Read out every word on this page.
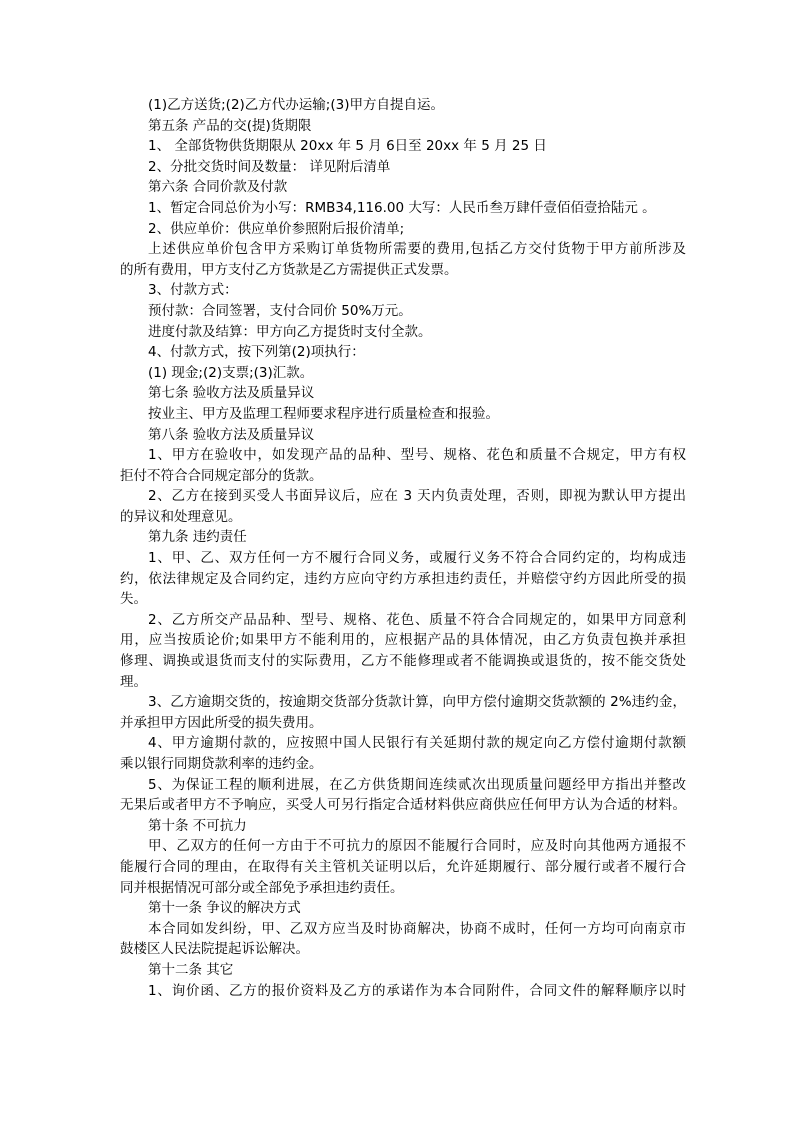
(1)乙方送货;(2)乙方代办运输;(3)甲方自提自运。
第五条 产品的交(提)货期限
1、 全部货物供货期限从 20xx 年 5 月 6日至 20xx 年 5 月 25 日
2、分批交货时间及数量： 详见附后清单
第六条 合同价款及付款
1、暂定合同总价为小写：RMB34,116.00 大写：人民币叁万肆仟壹佰佰壹拾陆元 。
2、供应单价：供应单价参照附后报价清单;
上述供应单价包含甲方采购订单货物所需要的费用,包括乙方交付货物于甲方前所涉及
的所有费用，甲方支付乙方货款是乙方需提供正式发票。
3、付款方式：
预付款：合同签署，支付合同价 50%万元。
进度付款及结算：甲方向乙方提货时支付全款。
4、付款方式，按下列第(2)项执行：
(1) 现金;(2)支票;(3)汇款。
第七条 验收方法及质量异议
按业主、甲方及监理工程师要求程序进行质量检查和报验。
第八条 验收方法及质量异议
1、甲方在验收中，如发现产品的品种、型号、规格、花色和质量不合规定，甲方有权
拒付不符合合同规定部分的货款。
2、乙方在接到买受人书面异议后，应在 3 天内负责处理，否则，即视为默认甲方提出
的异议和处理意见。
第九条 违约责任
1、甲、乙、双方任何一方不履行合同义务，或履行义务不符合合同约定的，均构成违
约，依法律规定及合同约定，违约方应向守约方承担违约责任，并赔偿守约方因此所受的损
失。
2、乙方所交产品品种、型号、规格、花色、质量不符合合同规定的，如果甲方同意利
用，应当按质论价;如果甲方不能利用的，应根据产品的具体情况，由乙方负责包换并承担
修理、调换或退货而支付的实际费用，乙方不能修理或者不能调换或退货的，按不能交货处
理。
3、乙方逾期交货的，按逾期交货部分货款计算，向甲方偿付逾期交货款额的 2%违约金，
并承担甲方因此所受的损失费用。
4、甲方逾期付款的，应按照中国人民银行有关延期付款的规定向乙方偿付逾期付款额
乘以银行同期贷款利率的违约金。
5、为保证工程的顺利进展，在乙方供货期间连续贰次出现质量问题经甲方指出并整改
无果后或者甲方不予响应，买受人可另行指定合适材料供应商供应任何甲方认为合适的材料。
第十条 不可抗力
甲、乙双方的任何一方由于不可抗力的原因不能履行合同时，应及时向其他两方通报不
能履行合同的理由，在取得有关主管机关证明以后，允许延期履行、部分履行或者不履行合
同并根据情况可部分或全部免予承担违约责任。
第十一条 争议的解决方式
本合同如发纠纷，甲、乙双方应当及时协商解决，协商不成时，任何一方均可向南京市
鼓楼区人民法院提起诉讼解决。
第十二条 其它
1、询价函、乙方的报价资料及乙方的承诺作为本合同附件，合同文件的解释顺序以时
